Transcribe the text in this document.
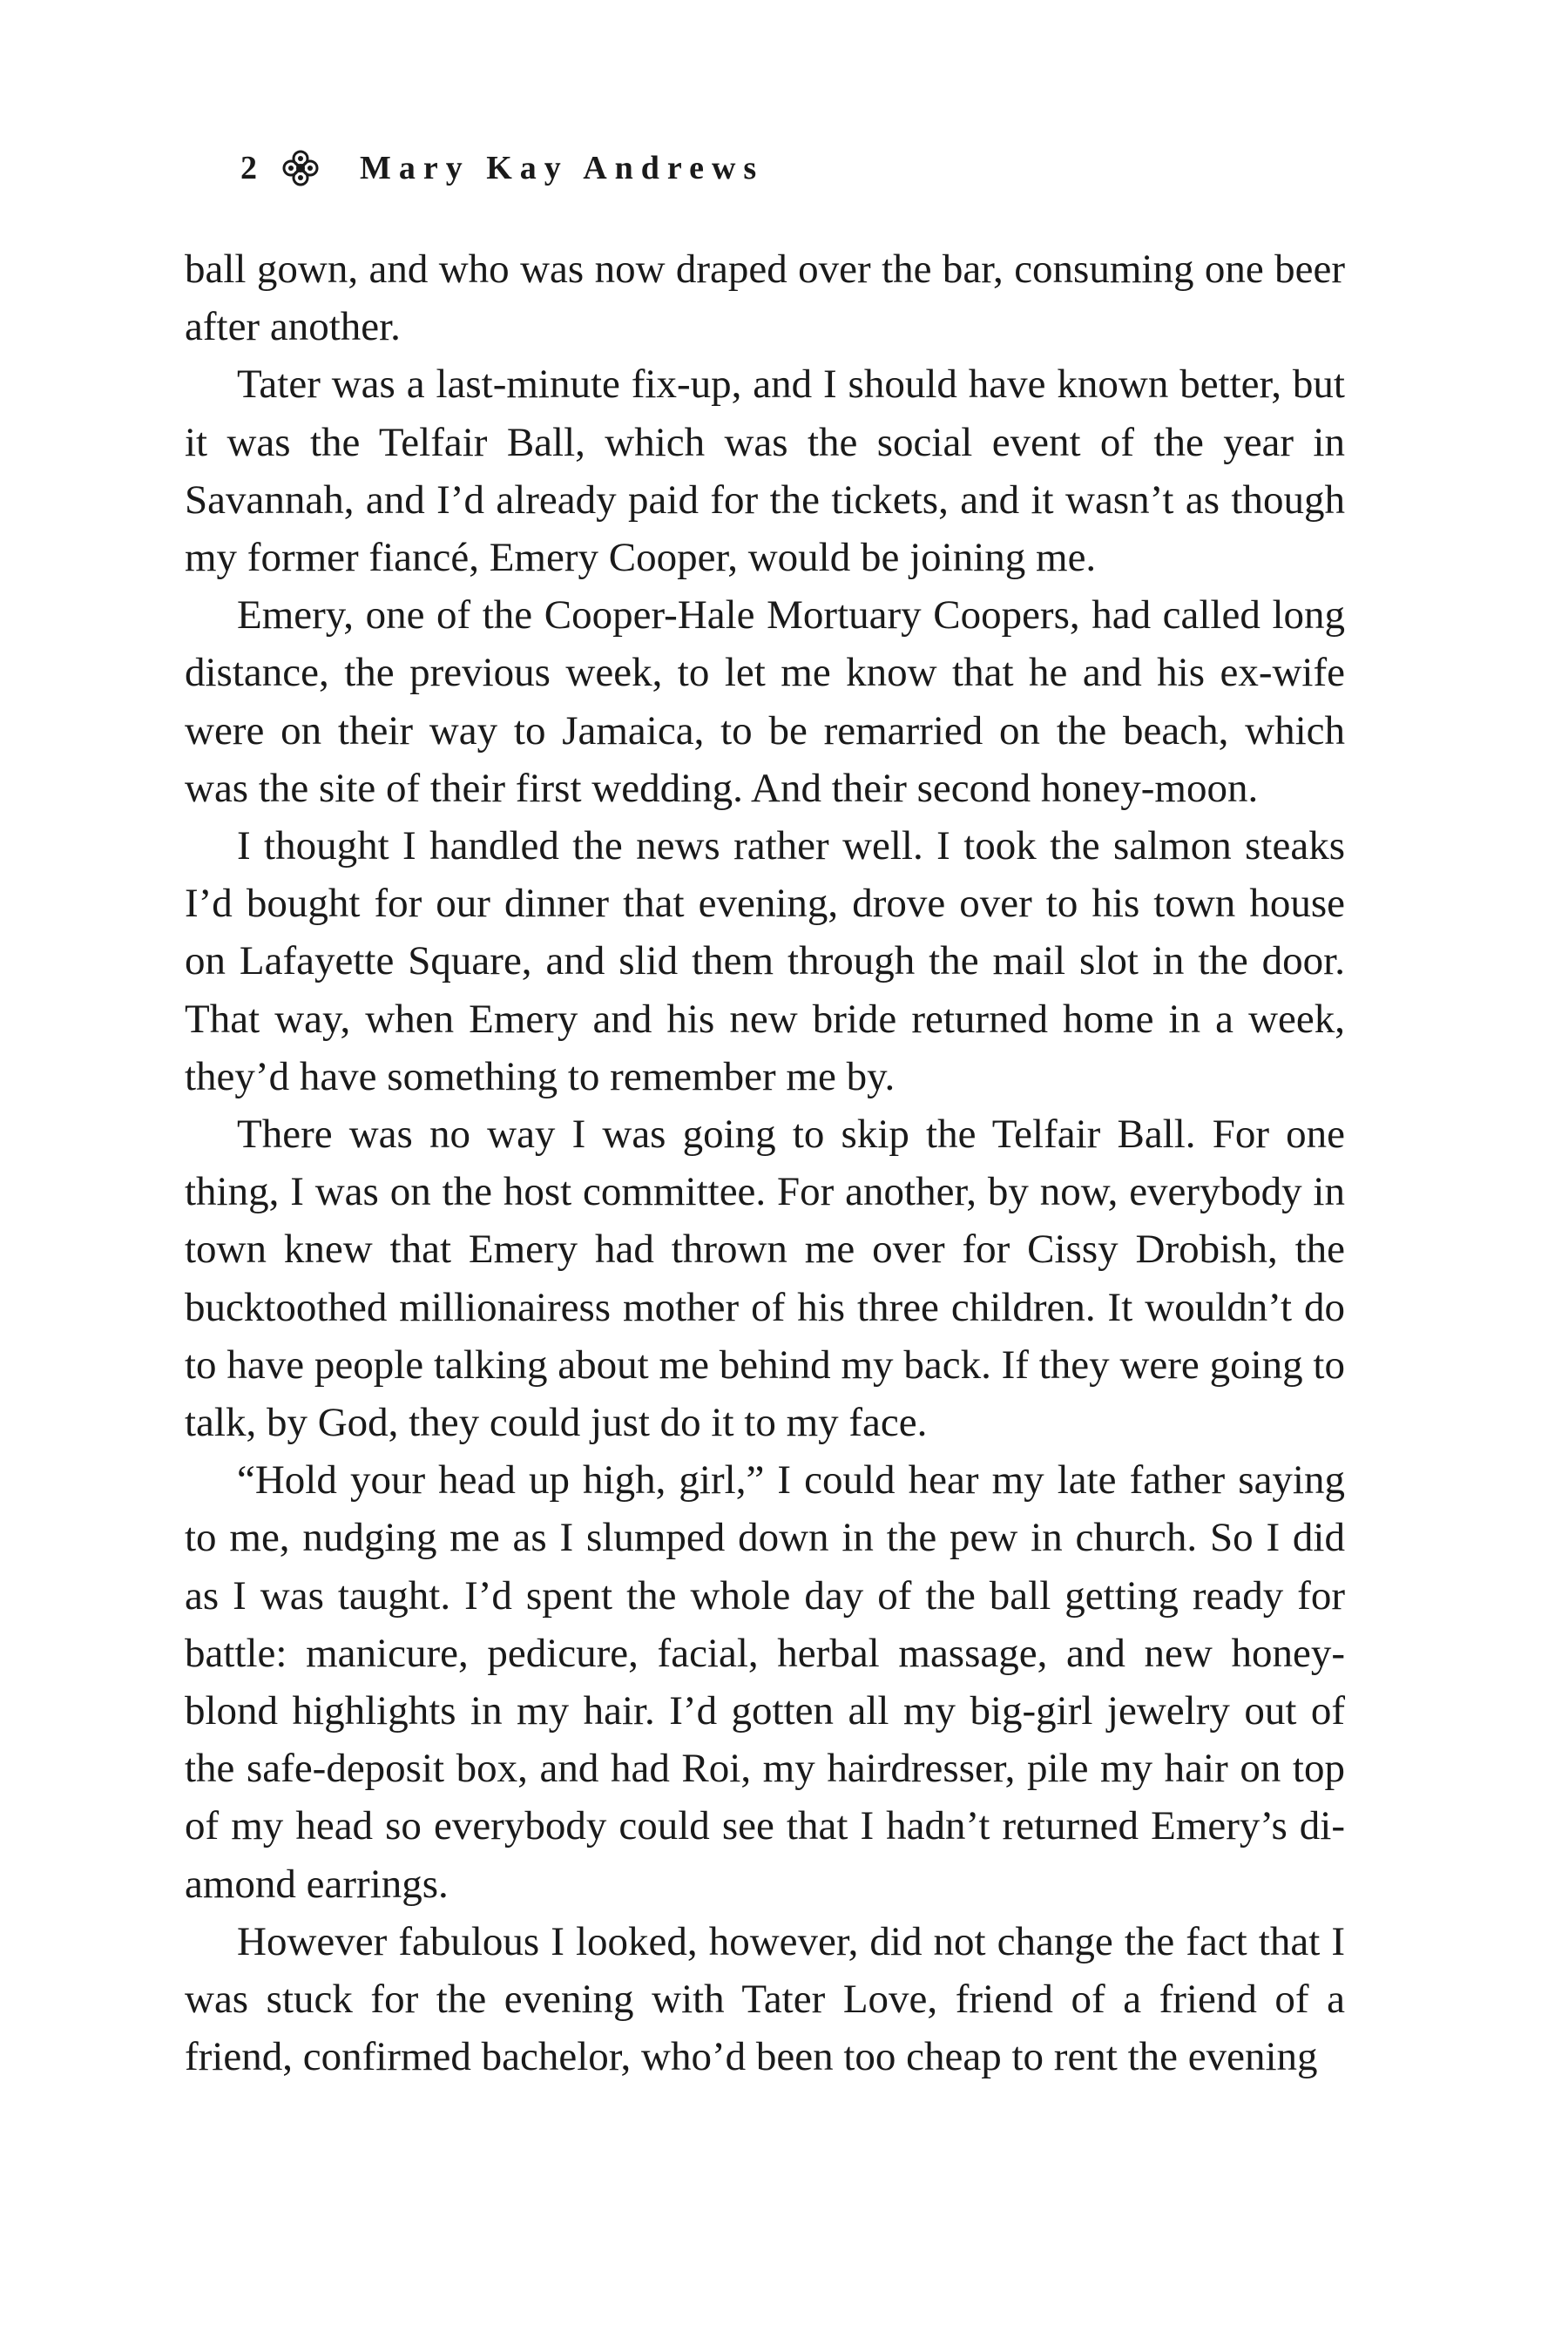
2	Mary Kay Andrews

ball gown, and who was now draped over the bar, consuming one beer after another.

Tater was a last-minute fix-up, and I should have known better, but it was the Telfair Ball, which was the social event of the year in Savannah, and I’d already paid for the tickets, and it wasn’t as though my former fiancé, Emery Cooper, would be joining me.

Emery, one of the Cooper-Hale Mortuary Coopers, had called long distance, the previous week, to let me know that he and his ex-wife were on their way to Jamaica, to be remarried on the beach, which was the site of their first wedding. And their second honey-moon.

I thought I handled the news rather well. I took the salmon steaks I’d bought for our dinner that evening, drove over to his town house on Lafayette Square, and slid them through the mail slot in the door. That way, when Emery and his new bride returned home in a week, they’d have something to remember me by.

There was no way I was going to skip the Telfair Ball. For one thing, I was on the host committee. For another, by now, everybody in town knew that Emery had thrown me over for Cissy Drobish, the bucktoothed millionairess mother of his three children. It wouldn’t do to have people talking about me behind my back. If they were going to talk, by God, they could just do it to my face.

“Hold your head up high, girl,” I could hear my late father saying to me, nudging me as I slumped down in the pew in church. So I did as I was taught. I’d spent the whole day of the ball getting ready for battle: manicure, pedicure, facial, herbal massage, and new honey-blond highlights in my hair. I’d gotten all my big-girl jewelry out of the safe-deposit box, and had Roi, my hairdresser, pile my hair on top of my head so everybody could see that I hadn’t returned Emery’s di-amond earrings.

However fabulous I looked, however, did not change the fact that I was stuck for the evening with Tater Love, friend of a friend of a friend, confirmed bachelor, who’d been too cheap to rent the evening
